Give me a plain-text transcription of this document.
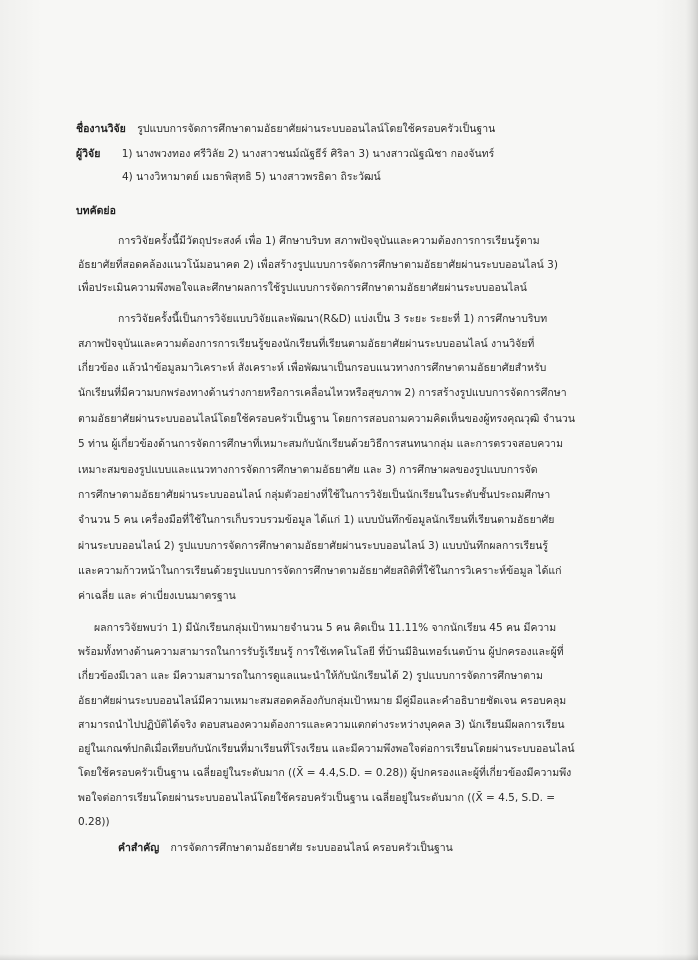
ชื่องานวิจัย รูปแบบการจัดการศึกษาตามอัธยาศัยผ่านระบบออนไลน์โดยใช้ครอบครัวเป็นฐาน
ผู้วิจัย 1) นางพวงทอง ศรีวิลัย 2) นางสาวชนม์ณัฐธีร์ ศิริลา 3) นางสาวณัฐณิชา กองจันทร์
4) นางวิหามาตย์ เมธาพิสุทธิ 5) นางสาวพรธิดา ถิระวัฒน์
บทคัดย่อ
การวิจัยครั้งนี้มีวัตถุประสงค์ เพื่อ 1) ศึกษาบริบท สภาพปัจจุบันและความต้องการการเรียนรู้ตาม
อัธยาศัยที่สอดคล้องแนวโน้มอนาคต 2) เพื่อสร้างรูปแบบการจัดการศึกษาตามอัธยาศัยผ่านระบบออนไลน์ 3)
เพื่อประเมินความพึงพอใจและศึกษาผลการใช้รูปแบบการจัดการศึกษาตามอัธยาศัยผ่านระบบออนไลน์
การวิจัยครั้งนี้เป็นการวิจัยแบบวิจัยและพัฒนา(R&D) แบ่งเป็น 3 ระยะ ระยะที่ 1) การศึกษาบริบท
สภาพปัจจุบันและความต้องการการเรียนรู้ของนักเรียนที่เรียนตามอัธยาศัยผ่านระบบออนไลน์ งานวิจัยที่
เกี่ยวข้อง แล้วนำข้อมูลมาวิเคราะห์ สังเคราะห์ เพื่อพัฒนาเป็นกรอบแนวทางการศึกษาตามอัธยาศัยสำหรับ
นักเรียนที่มีความบกพร่องทางด้านร่างกายหรือการเคลื่อนไหวหรือสุขภาพ 2) การสร้างรูปแบบการจัดการศึกษา
ตามอัธยาศัยผ่านระบบออนไลน์โดยใช้ครอบครัวเป็นฐาน โดยการสอบถามความคิดเห็นของผู้ทรงคุณวุฒิ จำนวน
5 ท่าน ผู้เกี่ยวข้องด้านการจัดการศึกษาที่เหมาะสมกับนักเรียนด้วยวิธีการสนทนากลุ่ม และการตรวจสอบความ
เหมาะสมของรูปแบบและแนวทางการจัดการศึกษาตามอัธยาศัย และ 3) การศึกษาผลของรูปแบบการจัด
การศึกษาตามอัธยาศัยผ่านระบบออนไลน์ กลุ่มตัวอย่างที่ใช้ในการวิจัยเป็นนักเรียนในระดับชั้นประถมศึกษา
จำนวน 5 คน เครื่องมือที่ใช้ในการเก็บรวบรวมข้อมูล ได้แก่ 1) แบบบันทึกข้อมูลนักเรียนที่เรียนตามอัธยาศัย
ผ่านระบบออนไลน์ 2) รูปแบบการจัดการศึกษาตามอัธยาศัยผ่านระบบออนไลน์ 3) แบบบันทึกผลการเรียนรู้
และความก้าวหน้าในการเรียนด้วยรูปแบบการจัดการศึกษาตามอัธยาศัยสถิติที่ใช้ในการวิเคราะห์ข้อมูล ได้แก่
ค่าเฉลี่ย และ ค่าเบี่ยงเบนมาตรฐาน
ผลการวิจัยพบว่า 1) มีนักเรียนกลุ่มเป้าหมายจำนวน 5 คน คิดเป็น 11.11% จากนักเรียน 45 คน มีความ
พร้อมทั้งทางด้านความสามารถในการรับรู้เรียนรู้ การใช้เทคโนโลยี ที่บ้านมีอินเทอร์เนตบ้าน ผู้ปกครองและผู้ที่
เกี่ยวข้องมีเวลา และ มีความสามารถในการดูแลแนะนำให้กับนักเรียนได้ 2) รูปแบบการจัดการศึกษาตาม
อัธยาศัยผ่านระบบออนไลน์มีความเหมาะสมสอดคล้องกับกลุ่มเป้าหมาย มีคู่มือและคำอธิบายชัดเจน ครอบคลุม
สามารถนำไปปฏิบัติได้จริง ตอบสนองความต้องการและความแตกต่างระหว่างบุคคล 3) นักเรียนมีผลการเรียน
อยู่ในเกณฑ์ปกติเมื่อเทียบกับนักเรียนที่มาเรียนที่โรงเรียน และมีความพึงพอใจต่อการเรียนโดยผ่านระบบออนไลน์
โดยใช้ครอบครัวเป็นฐาน เฉลี่ยอยู่ในระดับมาก ((X̄ = 4.4,S.D. = 0.28)) ผู้ปกครองและผู้ที่เกี่ยวข้องมีความพึง
พอใจต่อการเรียนโดยผ่านระบบออนไลน์โดยใช้ครอบครัวเป็นฐาน เฉลี่ยอยู่ในระดับมาก ((X̄ = 4.5, S.D. =
0.28))
คำสำคัญ การจัดการศึกษาตามอัธยาศัย ระบบออนไลน์ ครอบครัวเป็นฐาน
